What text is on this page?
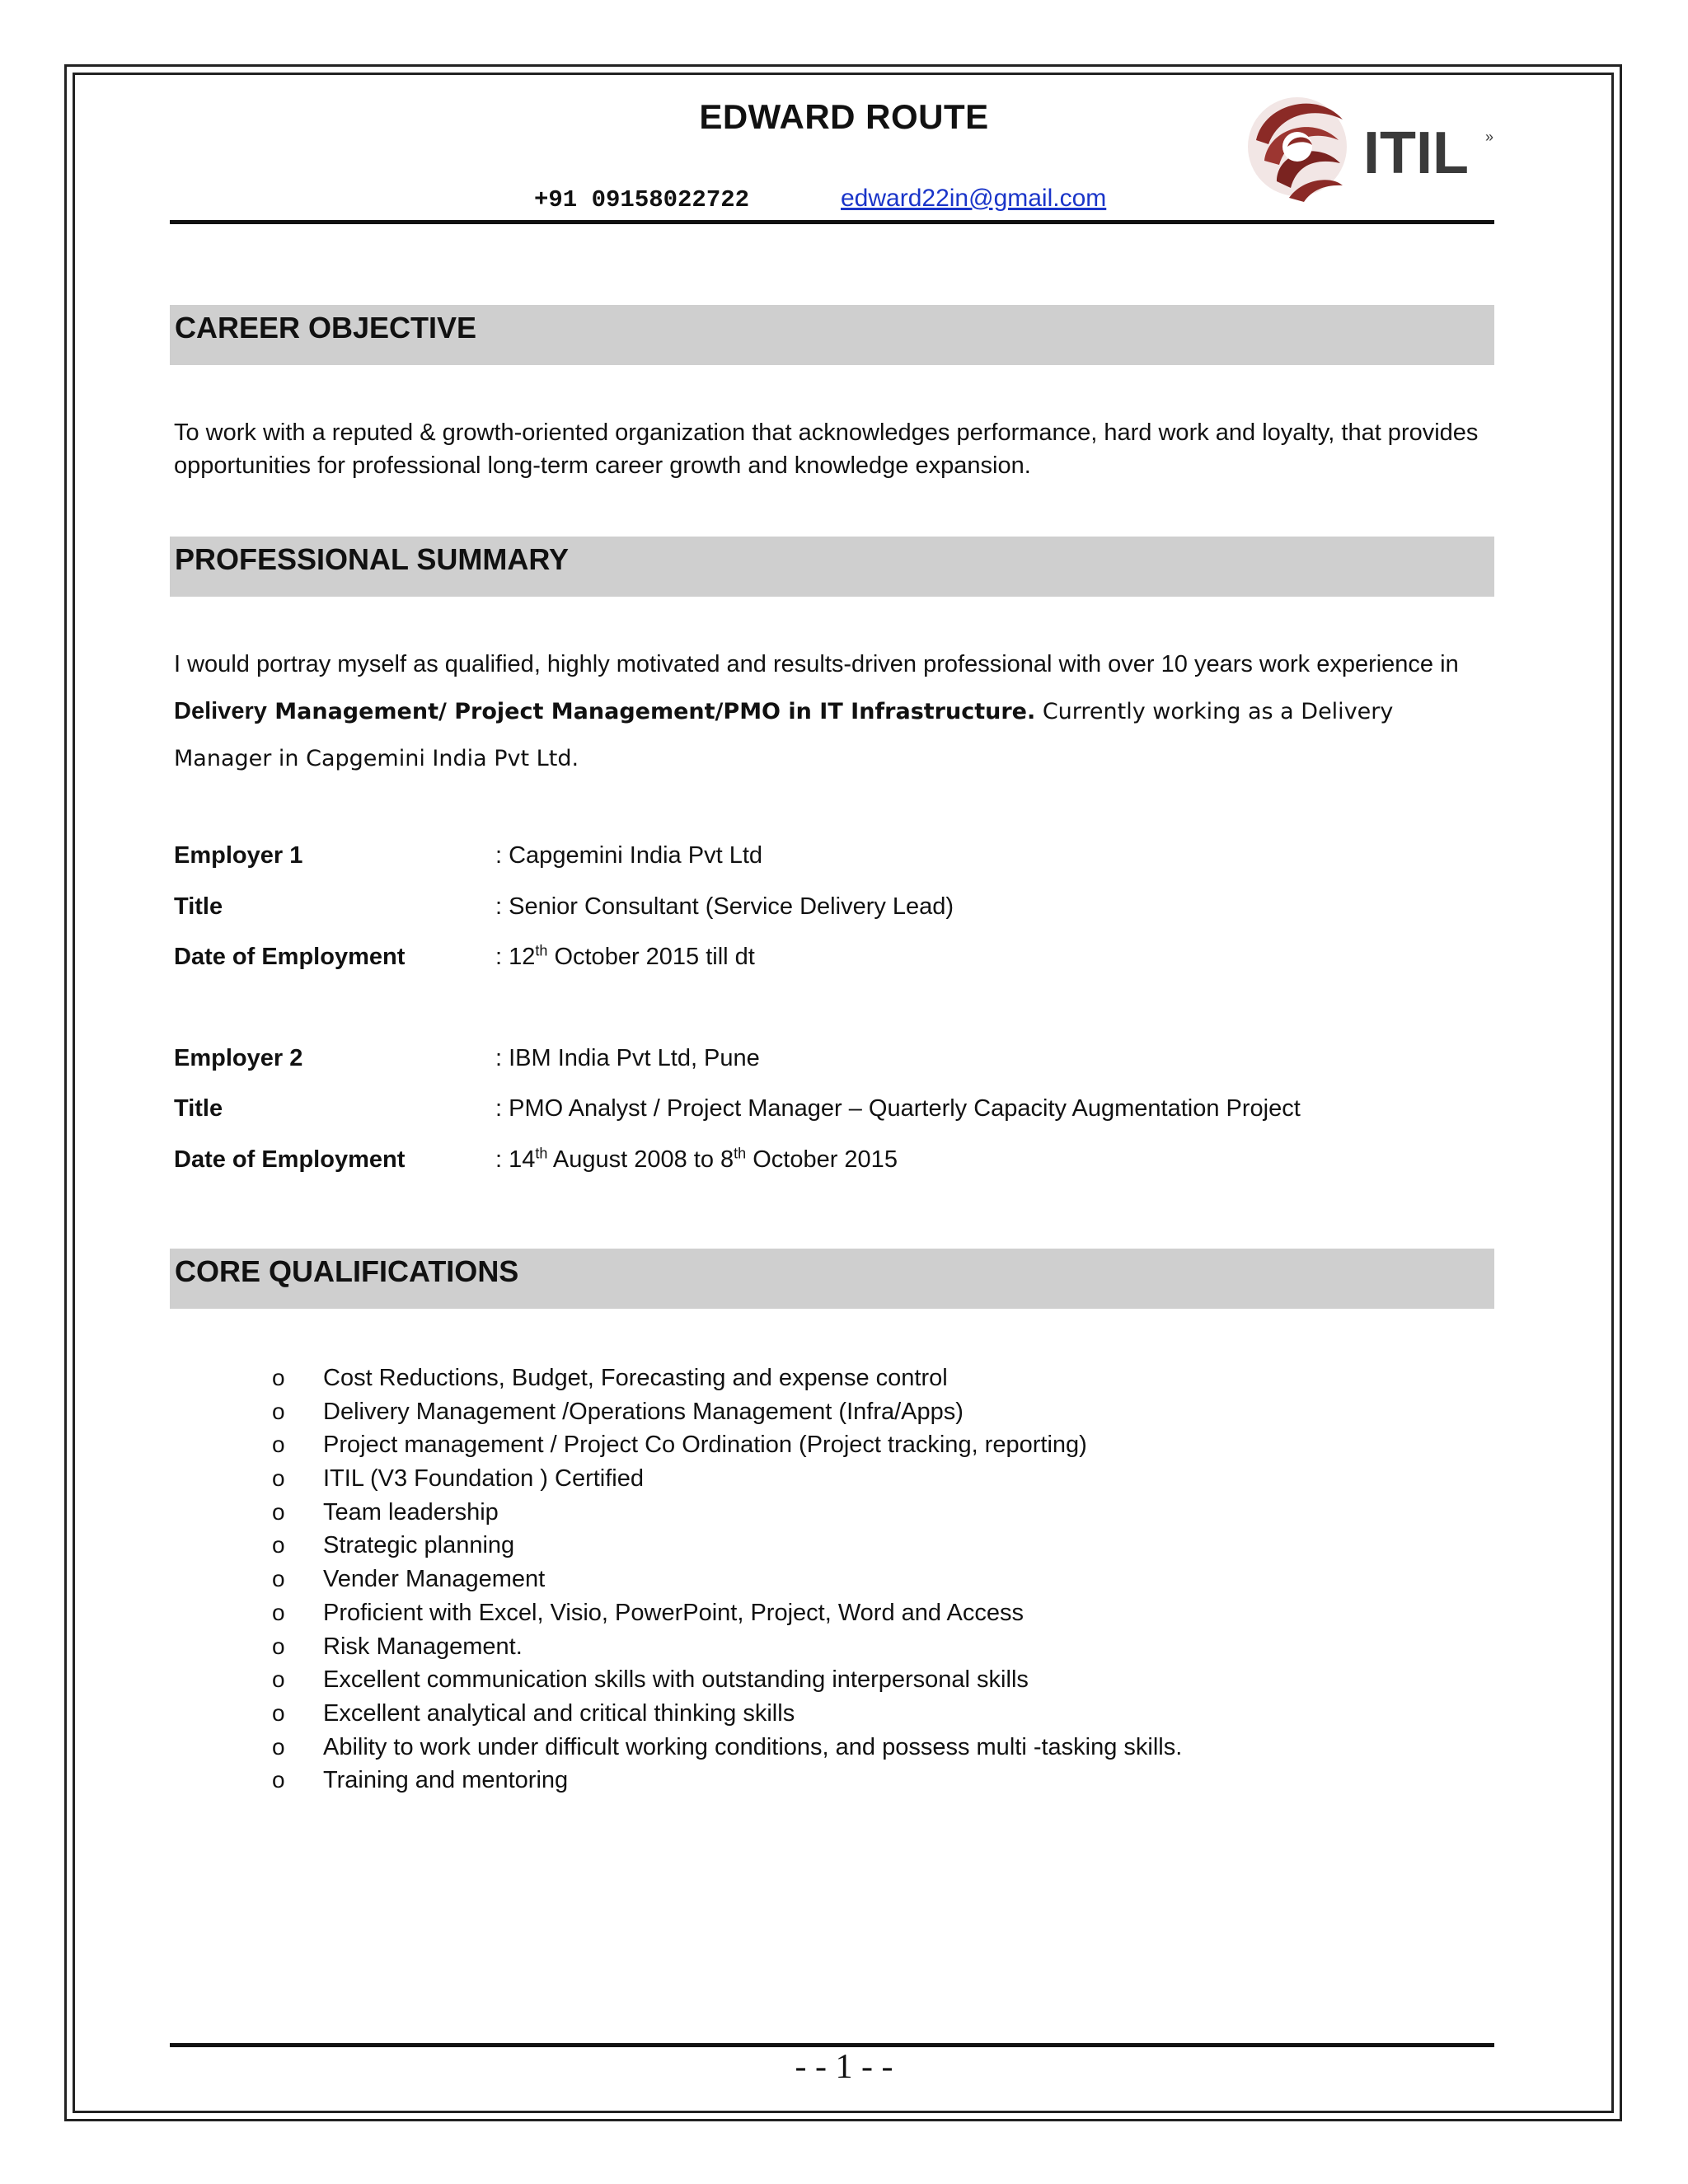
EDWARD ROUTE
+91 09158022722	edward22in@gmail.com
ITIL »
CAREER OBJECTIVE

To work with a reputed & growth-oriented organization that acknowledges performance, hard work and loyalty, that provides opportunities for professional long-term career growth and knowledge expansion.

PROFESSIONAL SUMMARY

I would portray myself as qualified, highly motivated and results-driven professional with over 10 years work experience in Delivery Management/ Project Management/PMO in IT Infrastructure. Currently working as a Delivery Manager in Capgemini India Pvt Ltd.

Employer 1	: Capgemini India Pvt Ltd
Title	: Senior Consultant (Service Delivery Lead)
Date of Employment	: 12th October 2015 till dt
Employer 2	: IBM India Pvt Ltd, Pune
Title	: PMO Analyst / Project Manager – Quarterly Capacity Augmentation Project
Date of Employment	: 14th August 2008 to 8th October 2015
CORE QUALIFICATIONS
o Cost Reductions, Budget, Forecasting and expense control
o Delivery Management /Operations Management (Infra/Apps)
o Project management / Project Co Ordination (Project tracking, reporting)
o ITIL (V3 Foundation ) Certified
o Team leadership
o Strategic planning
o Vender Management
o Proficient with Excel, Visio, PowerPoint, Project, Word and Access
o Risk Management.
o Excellent communication skills with outstanding interpersonal skills
o Excellent analytical and critical thinking skills
o Ability to work under difficult working conditions, and possess multi -tasking skills.
o Training and mentoring
- - 1 - -
